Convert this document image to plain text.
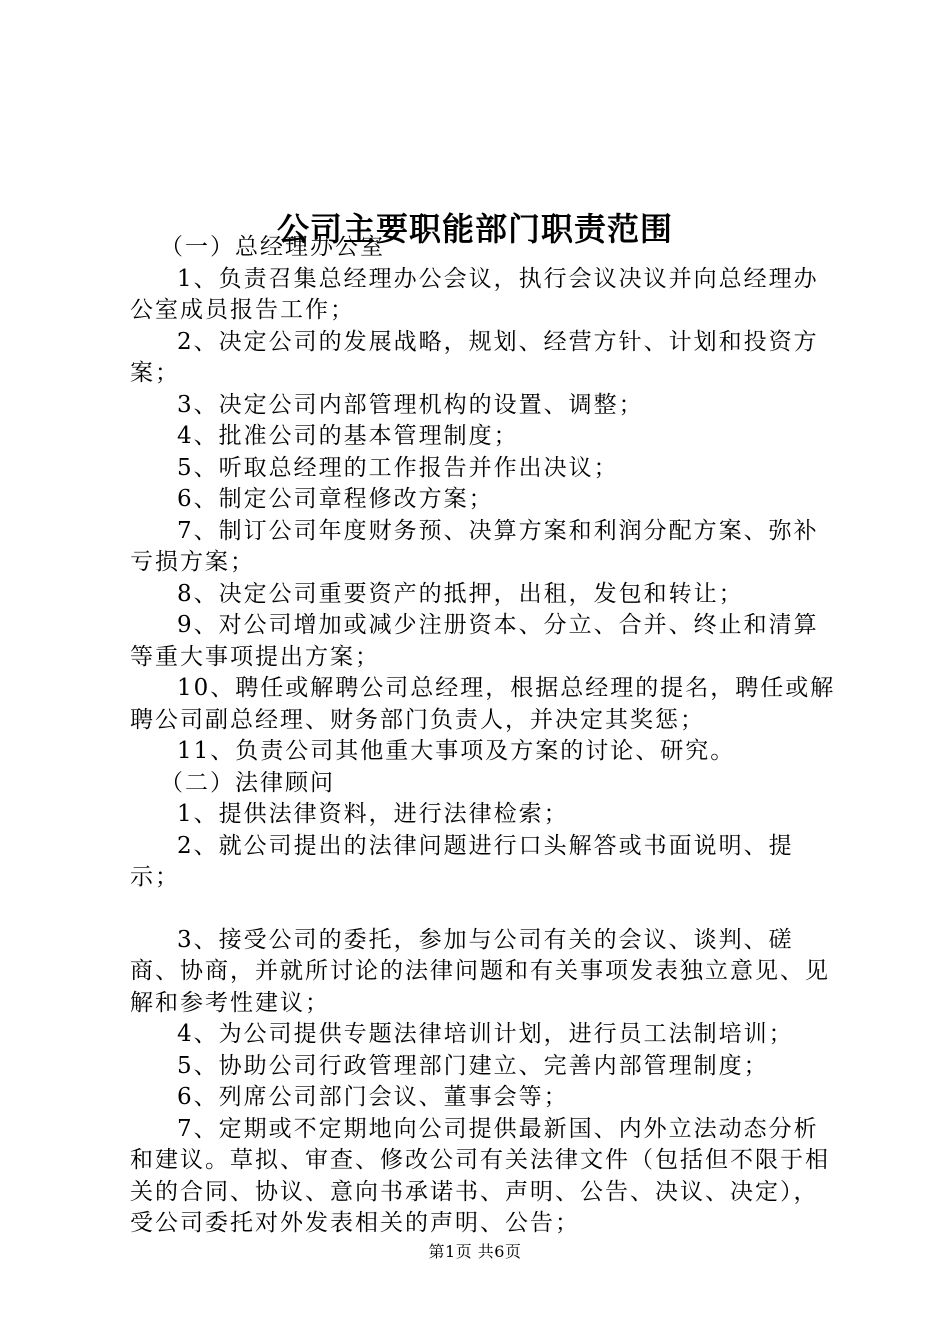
公司主要职能部门职责范围

（一）总经理办公室

1、负责召集总经理办公会议，执行会议决议并向总经理办公室成员报告工作；

2、决定公司的发展战略，规划、经营方针、计划和投资方案；

3、决定公司内部管理机构的设置、调整；

4、批准公司的基本管理制度；

5、听取总经理的工作报告并作出决议；

6、制定公司章程修改方案；

7、制订公司年度财务预、决算方案和利润分配方案、弥补亏损方案；

8、决定公司重要资产的抵押，出租，发包和转让；

9、对公司增加或减少注册资本、分立、合并、终止和清算等重大事项提出方案；

10、聘任或解聘公司总经理，根据总经理的提名，聘任或解聘公司副总经理、财务部门负责人，并决定其奖惩；

11、负责公司其他重大事项及方案的讨论、研究。

（二）法律顾问

1、提供法律资料，进行法律检索；

2、就公司提出的法律问题进行口头解答或书面说明、提示；

3、接受公司的委托，参加与公司有关的会议、谈判、磋商、协商，并就所讨论的法律问题和有关事项发表独立意见、见解和参考性建议；

4、为公司提供专题法律培训计划，进行员工法制培训；

5、协助公司行政管理部门建立、完善内部管理制度；

6、列席公司部门会议、董事会等；

7、定期或不定期地向公司提供最新国、内外立法动态分析和建议。草拟、审查、修改公司有关法律文件（包括但不限于相关的合同、协议、意向书承诺书、声明、公告、决议、决定），受公司委托对外发表相关的声明、公告；

第1页 共6页
